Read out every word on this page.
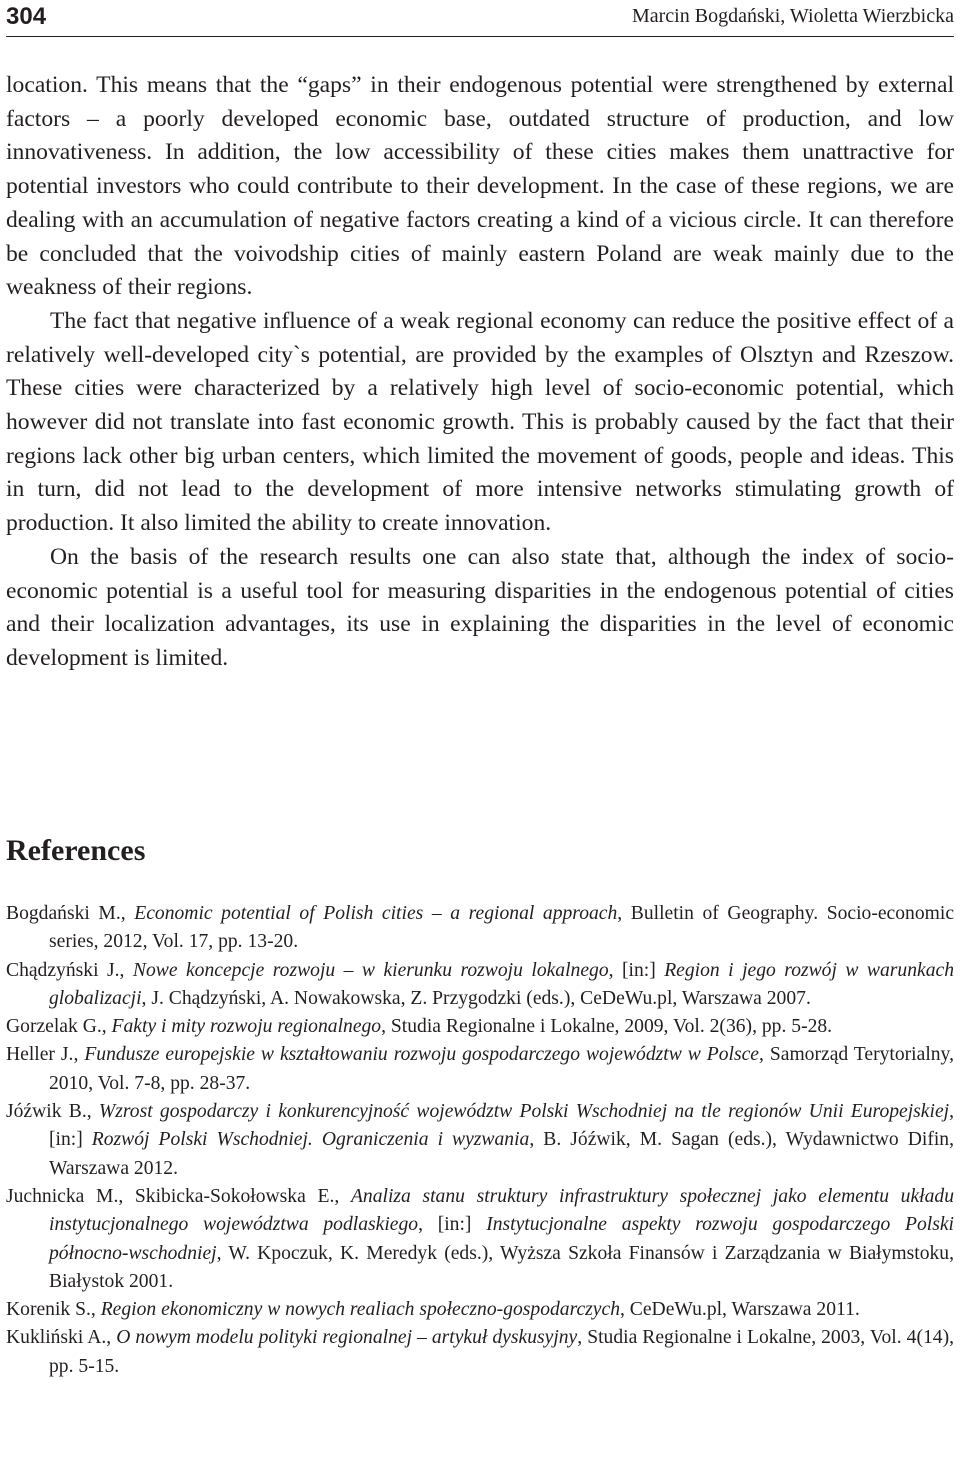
304	Marcin Bogdański, Wioletta Wierzbicka

location. This means that the “gaps” in their endogenous potential were strengthened by external factors – a poorly developed economic base, outdated structure of production, and low innovativeness. In addition, the low accessibility of these cities makes them unattractive for potential investors who could contribute to their development. In the case of these regions, we are dealing with an accumulation of negative factors creating a kind of a vicious circle. It can therefore be concluded that the voivodship cities of mainly eastern Poland are weak mainly due to the weakness of their regions.

The fact that negative influence of a weak regional economy can reduce the positive effect of a relatively well-developed city`s potential, are provided by the examples of Olsztyn and Rzeszow. These cities were characterized by a relatively high level of socio-economic potential, which however did not translate into fast economic growth. This is probably caused by the fact that their regions lack other big urban centers, which limited the movement of goods, people and ideas. This in turn, did not lead to the development of more intensive networks stimulating growth of production. It also limited the ability to create innovation.

On the basis of the research results one can also state that, although the index of socio-economic potential is a useful tool for measuring disparities in the endogenous potential of cities and their localization advantages, its use in explaining the disparities in the level of economic development is limited.

References

Bogdański M., Economic potential of Polish cities – a regional approach, Bulletin of Geography. Socio-economic series, 2012, Vol. 17, pp. 13-20.

Chądzyński J., Nowe koncepcje rozwoju – w kierunku rozwoju lokalnego, [in:] Region i jego rozwój w warunkach globalizacji, J. Chądzyński, A. Nowakowska, Z. Przygodzki (eds.), CeDeWu.pl, Warszawa 2007.

Gorzelak G., Fakty i mity rozwoju regionalnego, Studia Regionalne i Lokalne, 2009, Vol. 2(36), pp. 5-28.

Heller J., Fundusze europejskie w kształtowaniu rozwoju gospodarczego województw w Polsce, Samorząd Terytorialny, 2010, Vol. 7-8, pp. 28-37.

Jóźwik B., Wzrost gospodarczy i konkurencyjność województw Polski Wschodniej na tle regionów Unii Europejskiej, [in:] Rozwój Polski Wschodniej. Ograniczenia i wyzwania, B. Jóźwik, M. Sagan (eds.), Wydawnictwo Difin, Warszawa 2012.

Juchnicka M., Skibicka-Sokołowska E., Analiza stanu struktury infrastruktury społecznej jako elementu układu instytucjonalnego województwa podlaskiego, [in:] Instytucjonalne aspekty rozwoju gospodarczego Polski północno-wschodniej, W. Kpoczuk, K. Meredyk (eds.), Wyższa Szkoła Finansów i Zarządzania w Białymstoku, Białystok 2001.

Korenik S., Region ekonomiczny w nowych realiach społeczno-gospodarczych, CeDeWu.pl, Warszawa 2011.

Kukliński A., O nowym modelu polityki regionalnej – artykuł dyskusyjny, Studia Regionalne i Lokalne, 2003, Vol. 4(14), pp. 5-15.
